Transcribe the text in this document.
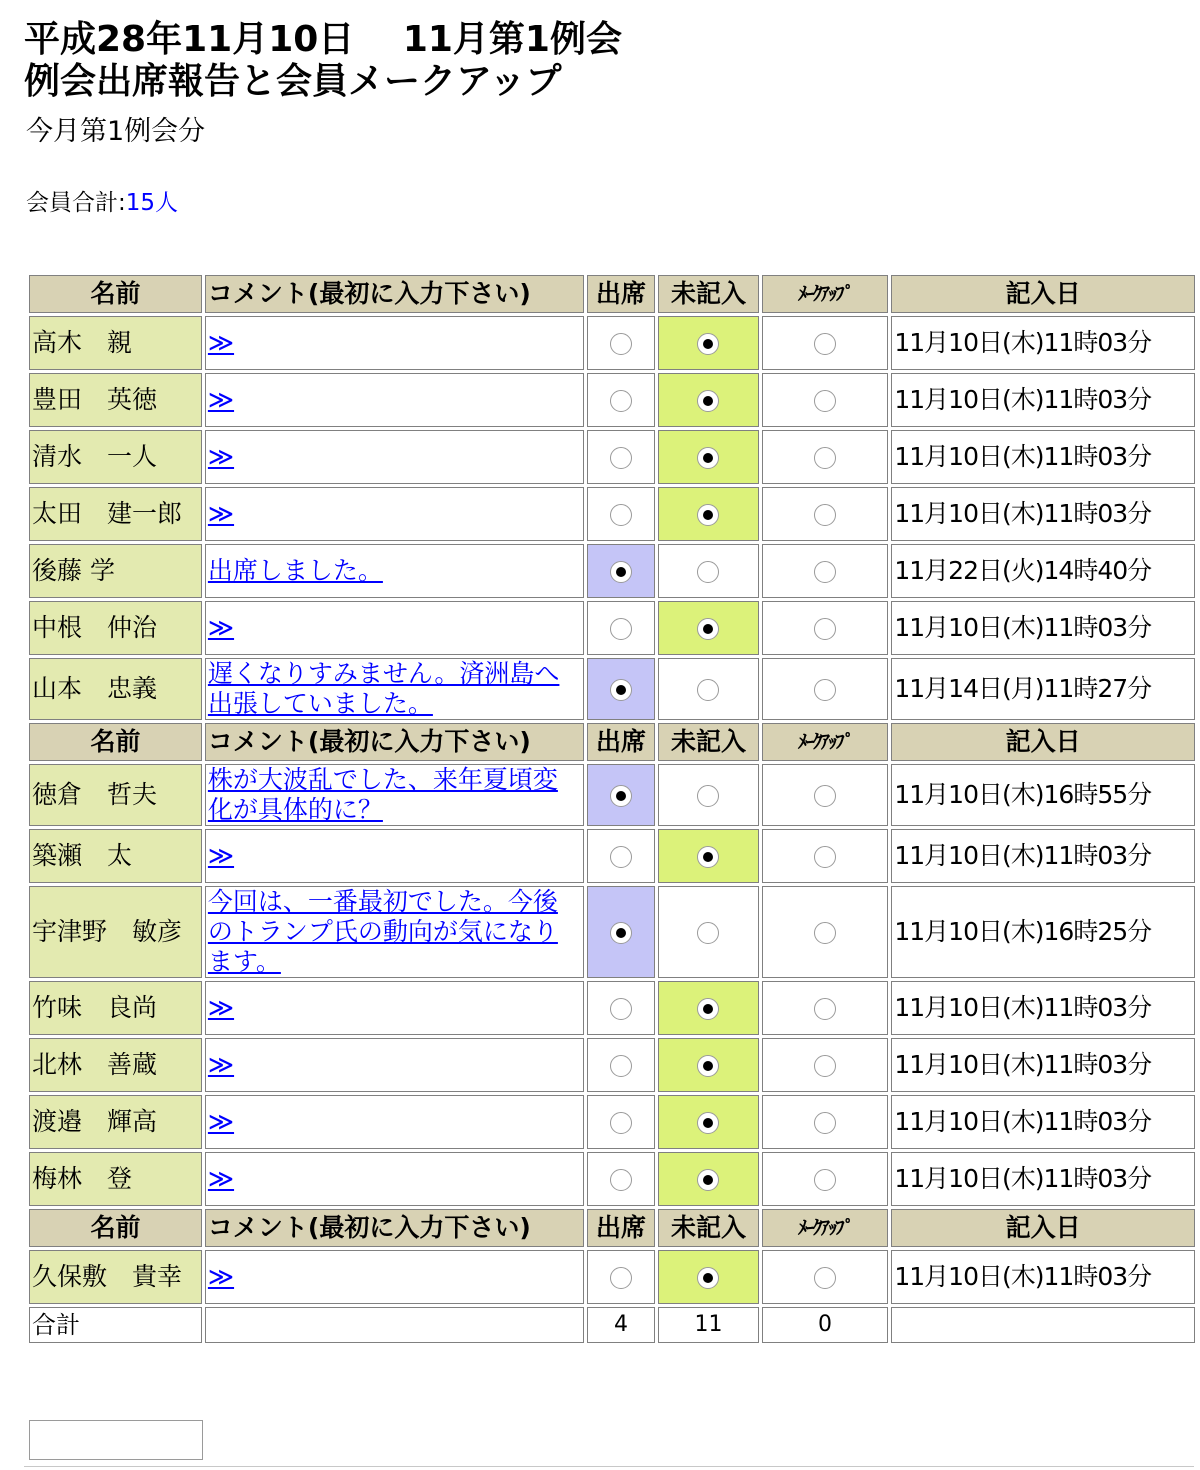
平成28年11月10日　 11月第1例会
例会出席報告と会員メークアップ
今月第1例会分
会員合計:15人
名前	コメント(最初に入力下さい)	出席	未記入	ﾒｰｸｱｯﾌﾟ	記入日
高木　親	≫				11月10日(木)11時03分
豊田　英徳	≫				11月10日(木)11時03分
清水　一人	≫				11月10日(木)11時03分
太田　建一郎	≫				11月10日(木)11時03分
後藤 学	出席しました。				11月22日(火)14時40分
中根　仲治	≫				11月10日(木)11時03分
山本　忠義	遅くなりすみません。済洲島へ出張していました。				11月14日(月)11時27分
名前	コメント(最初に入力下さい)	出席	未記入	ﾒｰｸｱｯﾌﾟ	記入日
徳倉　哲夫	株が大波乱でした、来年夏頃変化が具体的に？				11月10日(木)16時55分
築瀬　太	≫				11月10日(木)11時03分
宇津野　敏彦	今回は、一番最初でした。今後のトランプ氏の動向が気になります。				11月10日(木)16時25分
竹味　良尚	≫				11月10日(木)11時03分
北林　善蔵	≫				11月10日(木)11時03分
渡邉　輝高	≫				11月10日(木)11時03分
梅林　登	≫				11月10日(木)11時03分
名前	コメント(最初に入力下さい)	出席	未記入	ﾒｰｸｱｯﾌﾟ	記入日
久保敷　貴幸	≫				11月10日(木)11時03分
合計		4	11	0	
